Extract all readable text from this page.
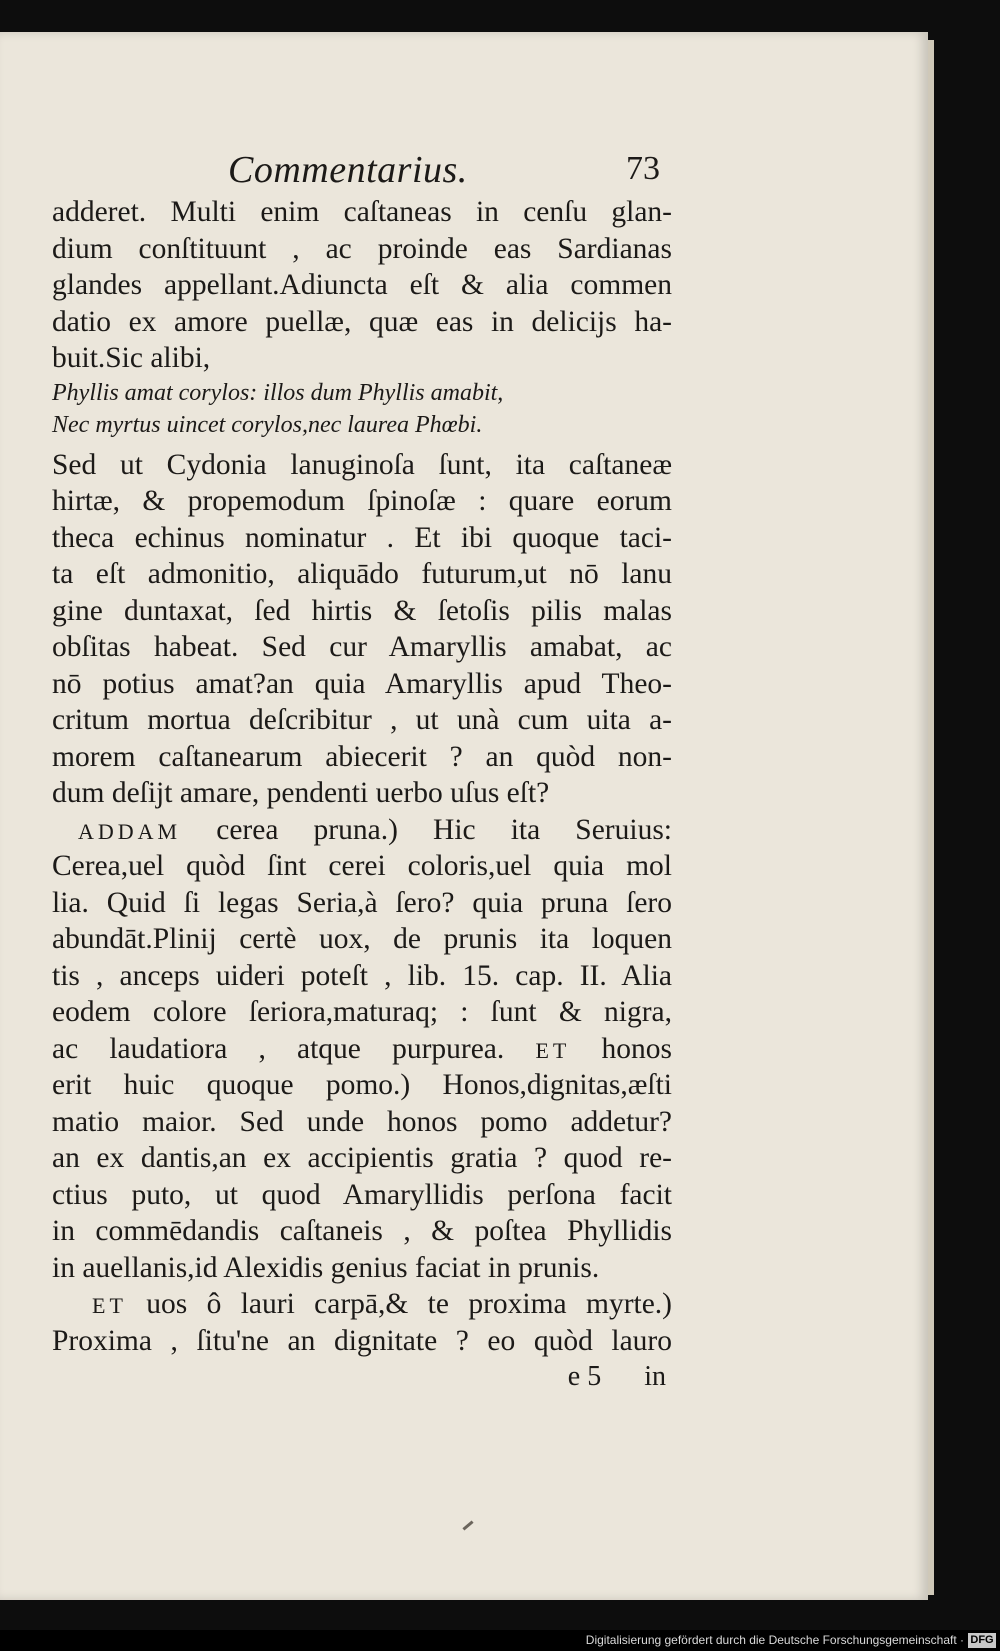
Commentarius.	73
adderet. Multi enim caſtaneas in cenſu glan-
dium conſtituunt , ac proinde eas Sardianas
glandes appellant.Adiuncta eſt & alia commen
datio ex amore puellæ, quæ eas in delicijs ha-
buit.Sic alibi,
Phyllis amat corylos: illos dum Phyllis amabit,
Nec myrtus uincet corylos,nec laurea Phœbi.
Sed ut Cydonia lanuginoſa ſunt, ita caſtaneæ
hirtæ, & propemodum ſpinoſæ : quare eorum
theca echinus nominatur . Et ibi quoque taci-
ta eſt admonitio, aliquādo futurum,ut nō lanu
gine duntaxat, ſed hirtis & ſetoſis pilis malas
obſitas habeat. Sed cur Amaryllis amabat, ac
nō potius amat?an quia Amaryllis apud Theo-
critum mortua deſcribitur , ut unà cum uita a-
morem caſtanearum abiecerit ? an quòd non-
dum deſijt amare, pendenti uerbo uſus eſt?
ADDAM cerea pruna.) Hic ita Seruius:
Cerea,uel quòd ſint cerei coloris,uel quia mol
lia. Quid ſi legas Seria,à ſero? quia pruna ſero
abundāt.Plinij certè uox, de prunis ita loquen
tis , anceps uideri poteſt , lib. 15. cap. II. Alia
eodem colore ſeriora,maturaq; : ſunt & nigra,
ac laudatiora , atque purpurea. ET honos
erit huic quoque pomo.) Honos,dignitas,æſti
matio maior. Sed unde honos pomo addetur?
an ex dantis,an ex accipientis gratia ? quod re-
ctius puto, ut quod Amaryllidis perſona facit
in commēdandis caſtaneis , & poſtea Phyllidis
in auellanis,id Alexidis genius faciat in prunis.
ET uos ô lauri carpā,& te proxima myrte.)
Proxima , ſitu'ne an dignitate ? eo quòd lauro
e 5 in
Digitalisierung gefördert durch die Deutsche Forschungsgemeinschaft · DFG
